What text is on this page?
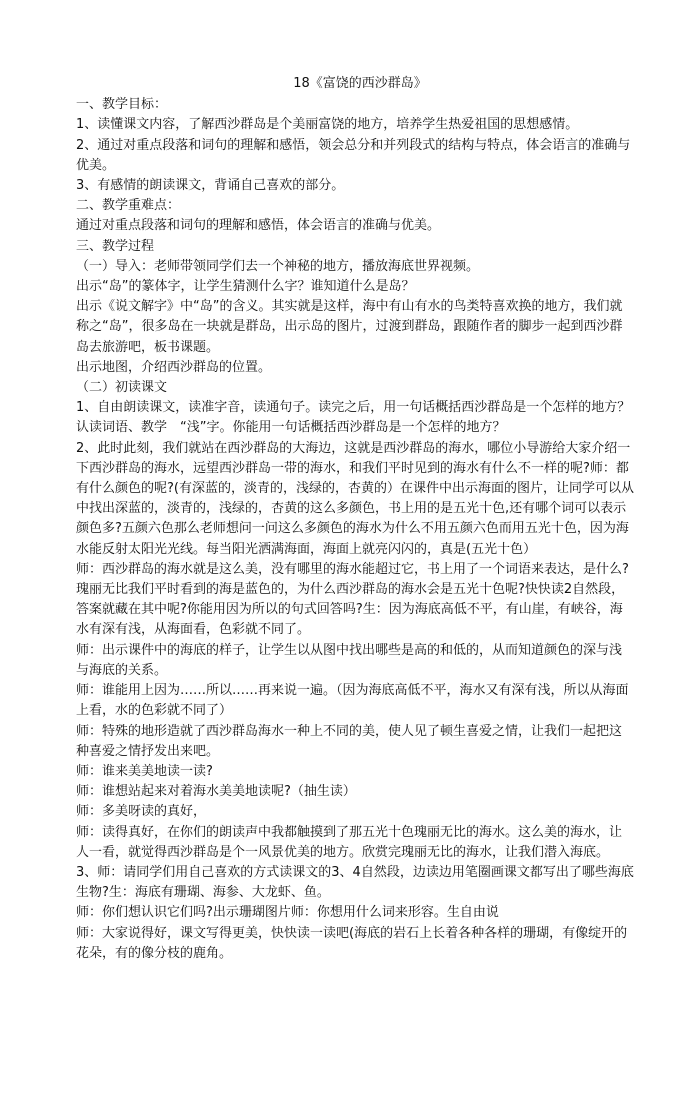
18《富饶的西沙群岛》

一、教学目标：

1、读懂课文内容，了解西沙群岛是个美丽富饶的地方，培养学生热爱祖国的思想感情。

2、通过对重点段落和词句的理解和感悟，领会总分和并列段式的结构与特点，体会语言的准确与优美。

3、有感情的朗读课文，背诵自己喜欢的部分。

二、教学重难点：

通过对重点段落和词句的理解和感悟，体会语言的准确与优美。

三、教学过程

（一）导入：老师带领同学们去一个神秘的地方，播放海底世界视频。

出示“岛”的篆体字，让学生猜测什么字？谁知道什么是岛？

出示《说文解字》中“岛”的含义。其实就是这样，海中有山有水的鸟类特喜欢换的地方，我们就称之“岛”，很多岛在一块就是群岛，出示岛的图片，过渡到群岛，跟随作者的脚步一起到西沙群岛去旅游吧，板书课题。

出示地图，介绍西沙群岛的位置。

（二）初读课文

1、自由朗读课文，读准字音，读通句子。读完之后，用一句话概括西沙群岛是一个怎样的地方？认读词语、教学　“浅”字。你能用一句话概括西沙群岛是一个怎样的地方？

2、此时此刻，我们就站在西沙群岛的大海边，这就是西沙群岛的海水，哪位小导游给大家介绍一下西沙群岛的海水，远望西沙群岛一带的海水，和我们平时见到的海水有什么不一样的呢?师：都有什么颜色的呢?(有深蓝的，淡青的，浅绿的，杏黄的）在课件中出示海面的图片，让同学可以从中找出深蓝的，淡青的，浅绿的，杏黄的这么多颜色，书上用的是五光十色,还有哪个词可以表示颜色多?五颜六色那么老师想问一问这么多颜色的海水为什么不用五颜六色而用五光十色，因为海水能反射太阳光光线。每当阳光洒满海面，海面上就亮闪闪的，真是(五光十色）

师：西沙群岛的海水就是这么美，没有哪里的海水能超过它，书上用了一个词语来表达，是什么?瑰丽无比我们平时看到的海是蓝色的，为什么西沙群岛的海水会是五光十色呢?快快读2自然段，答案就藏在其中呢?你能用因为所以的句式回答吗?生：因为海底高低不平，有山崖，有峡谷，海水有深有浅，从海面看，色彩就不同了。

师：出示课件中的海底的样子，让学生以从图中找出哪些是高的和低的，从而知道颜色的深与浅与海底的关系。

师：谁能用上因为……所以……再来说一遍。（因为海底高低不平，海水又有深有浅，所以从海面上看，水的色彩就不同了）

师：特殊的地形造就了西沙群岛海水一种上不同的美，使人见了顿生喜爱之情，让我们一起把这种喜爱之情抒发出来吧。

师：谁来美美地读一读?

师：谁想站起来对着海水美美地读呢?（抽生读）

师：多美呀读的真好，

师：读得真好，在你们的朗读声中我都触摸到了那五光十色瑰丽无比的海水。这么美的海水，让人一看，就觉得西沙群岛是个一风景优美的地方。欣赏完瑰丽无比的海水，让我们潜入海底。

3、师：请同学们用自己喜欢的方式读课文的3、4自然段，边读边用笔圈画课文都写出了哪些海底生物?生：海底有珊瑚、海参、大龙虾、鱼。

师：你们想认识它们吗?出示珊瑚图片师：你想用什么词来形容。生自由说

师：大家说得好，课文写得更美，快快读一读吧(海底的岩石上长着各种各样的珊瑚，有像绽开的花朵，有的像分枝的鹿角。
